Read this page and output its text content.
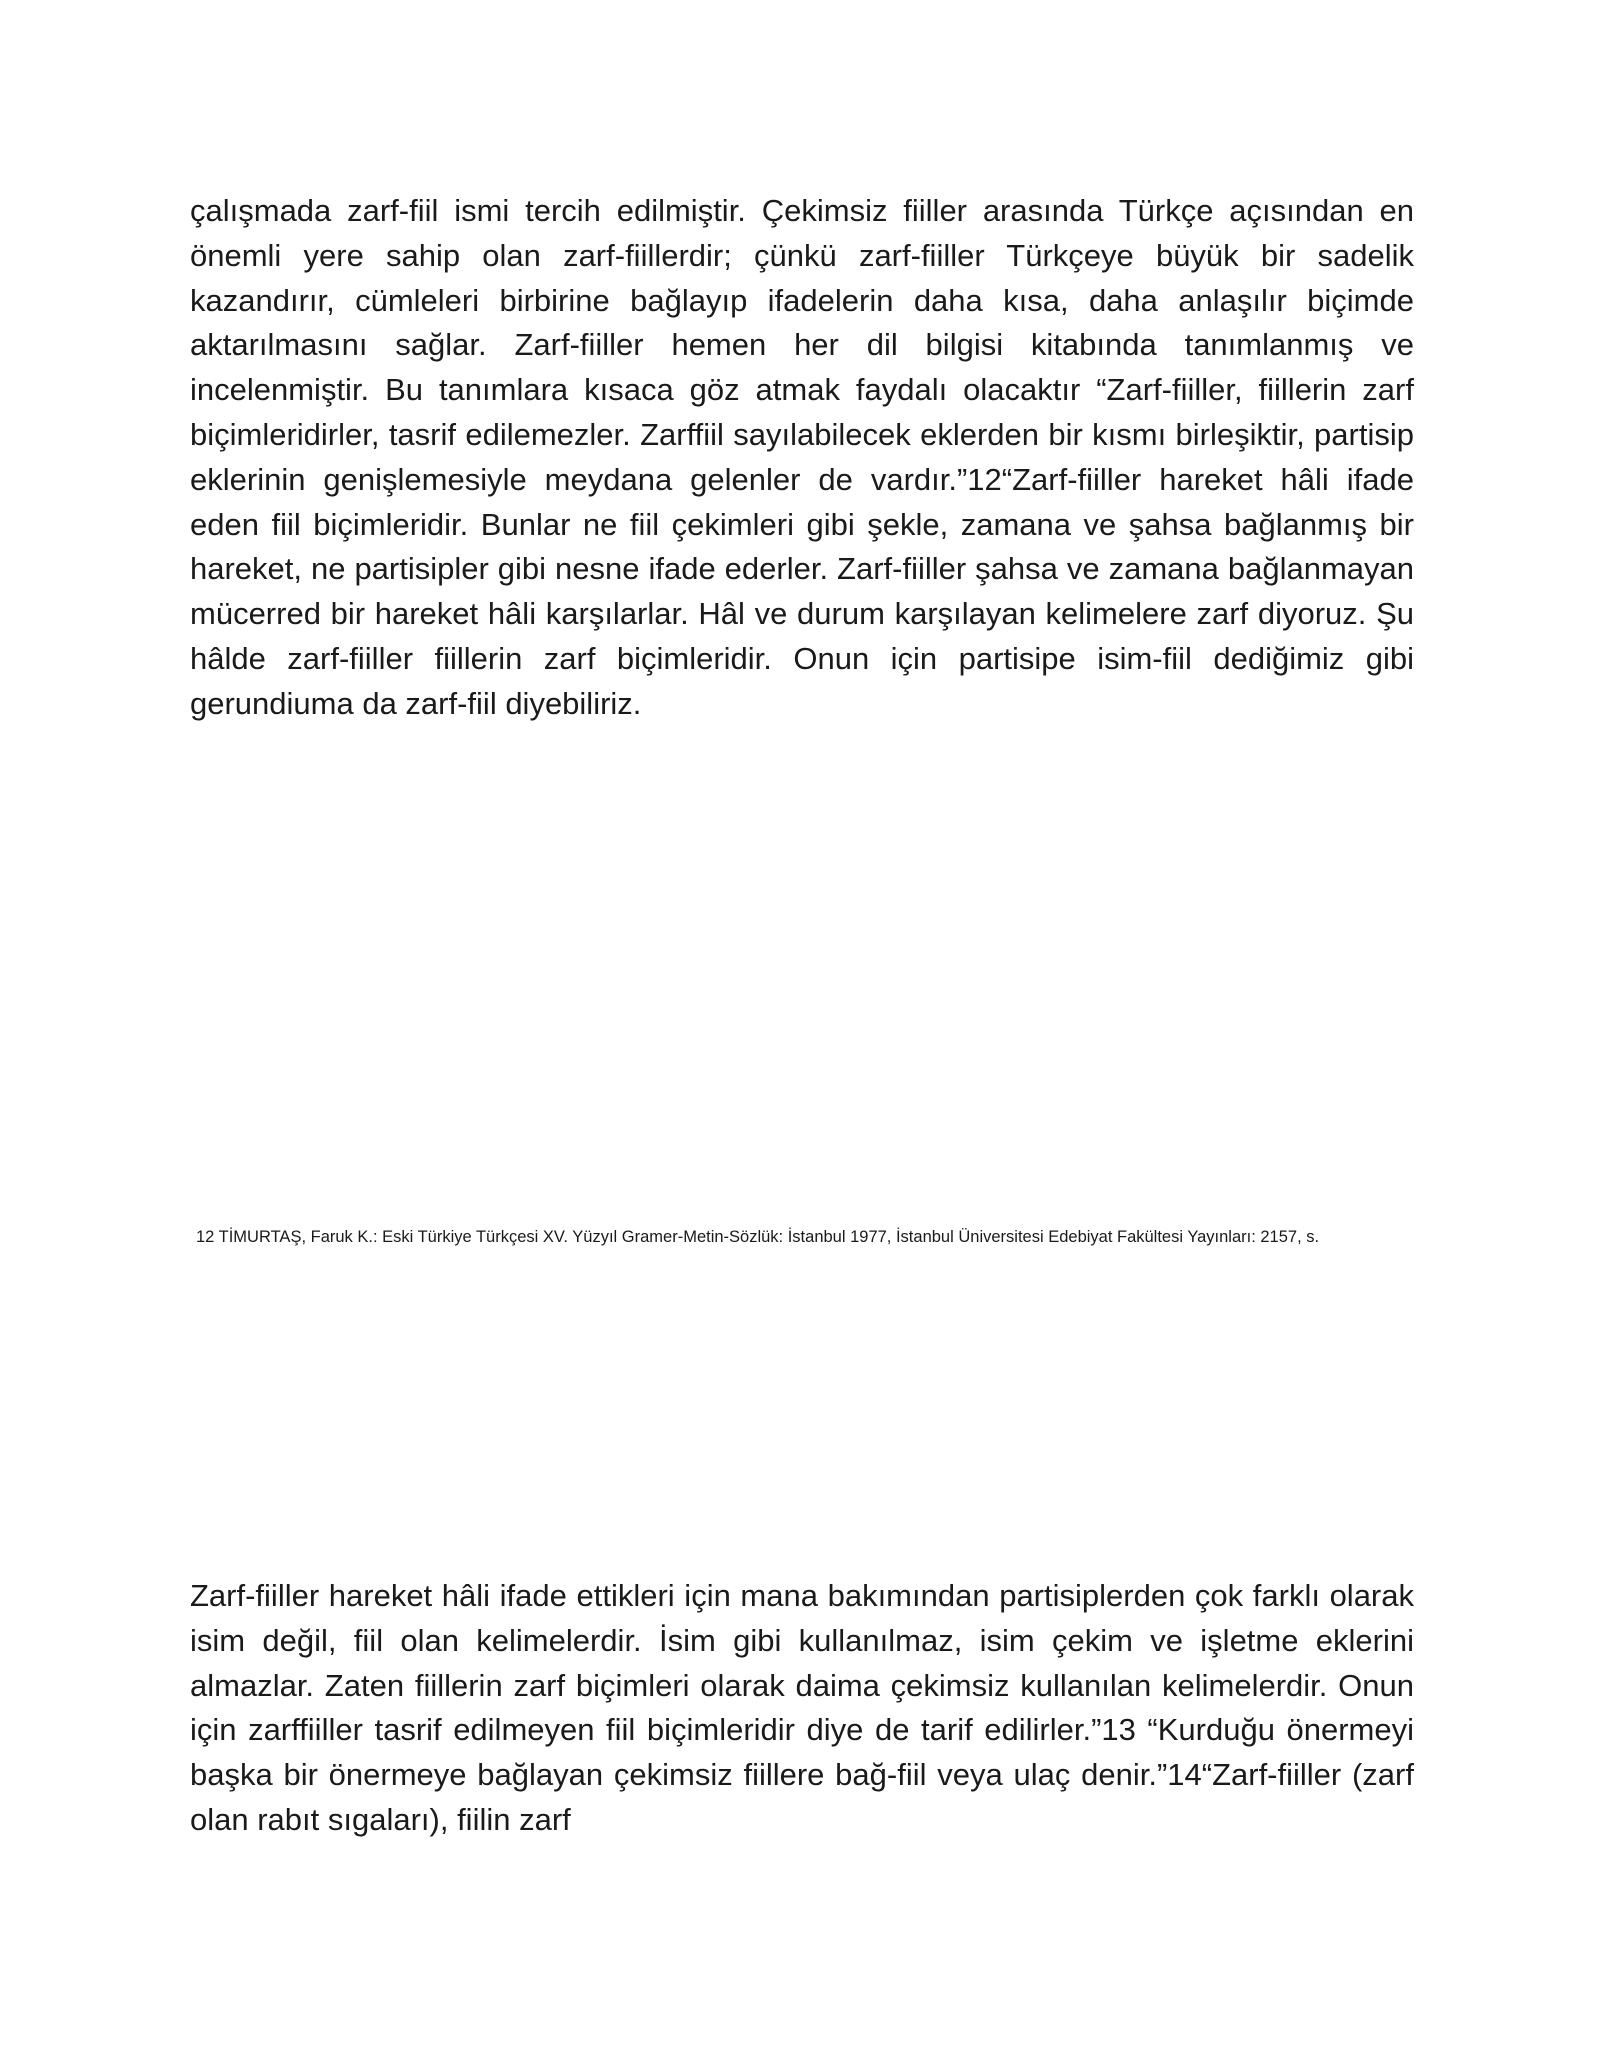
çalışmada zarf-fiil ismi tercih edilmiştir. Çekimsiz fiiller arasında Türkçe açısından en önemli yere sahip olan zarf-fiillerdir; çünkü zarf-fiiller Türkçeye büyük bir sadelik kazandırır, cümleleri birbirine bağlayıp ifadelerin daha kısa, daha anlaşılır biçimde aktarılmasını sağlar. Zarf-fiiller hemen her dil bilgisi kitabında tanımlanmış ve incelenmiştir. Bu tanımlara kısaca göz atmak faydalı olacaktır “Zarf-fiiller, fiillerin zarf biçimleridirler, tasrif edilemezler. Zarffiil sayılabilecek eklerden bir kısmı birleşiktir, partisip eklerinin genişlemesiyle meydana gelenler de vardır.”12“Zarf-fiiller hareket hâli ifade eden fiil biçimleridir. Bunlar ne fiil çekimleri gibi şekle, zamana ve şahsa bağlanmış bir hareket, ne partisipler gibi nesne ifade ederler. Zarf-fiiller şahsa ve zamana bağlanmayan mücerred bir hareket hâli karşılarlar. Hâl ve durum karşılayan kelimelere zarf diyoruz. Şu hâlde zarf-fiiller fiillerin zarf biçimleridir. Onun için partisipe isim-fiil dediğimiz gibi gerundiuma da zarf-fiil diyebiliriz.

12 TİMURTAŞ, Faruk K.: Eski Türkiye Türkçesi XV. Yüzyıl Gramer-Metin-Sözlük: İstanbul 1977, İstanbul Üniversitesi Edebiyat Fakültesi Yayınları: 2157, s.

Zarf-fiiller hareket hâli ifade ettikleri için mana bakımından partisiplerden çok farklı olarak isim değil, fiil olan kelimelerdir. İsim gibi kullanılmaz, isim çekim ve işletme eklerini almazlar. Zaten fiillerin zarf biçimleri olarak daima çekimsiz kullanılan kelimelerdir. Onun için zarffiiller tasrif edilmeyen fiil biçimleridir diye de tarif edilirler.”13 “Kurduğu önermeyi başka bir önermeye bağlayan çekimsiz fiillere bağ-fiil veya ulaç denir.”14“Zarf-fiiller (zarf olan rabıt sıgaları), fiilin zarf
